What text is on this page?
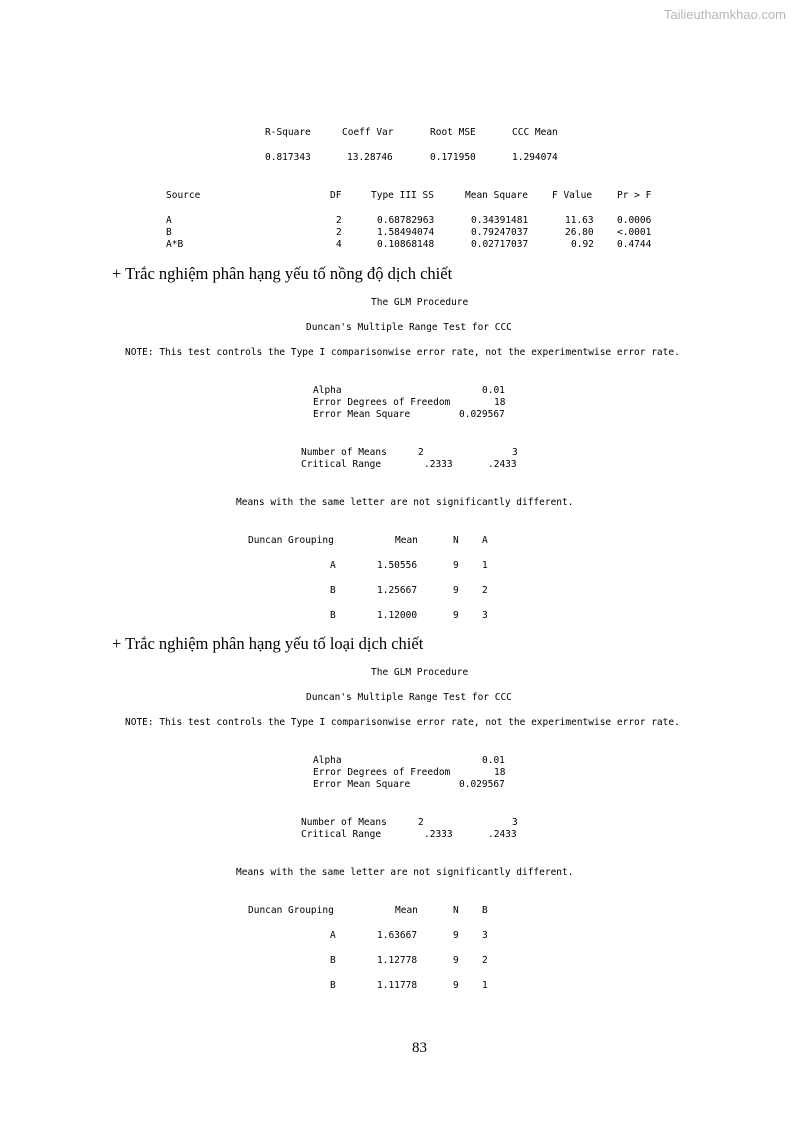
Tailieuthamkhao.com
R-Square	Coeff Var	Root MSE	CCC Mean
0.817343	13.28746	0.171950	1.294074
Source	DF	Type III SS	Mean Square	F Value	Pr > F
A	2	0.68782963	0.34391481	11.63 0.0006
B	2	1.58494074	0.79247037	26.80 <.0001
A*B	4	0.10868148	0.02717037	0.92 0.4744
+ Trắc nghiệm phân hạng yếu tố nồng độ dịch chiết
The GLM Procedure
Duncan's Multiple Range Test for CCC
NOTE: This test controls the Type I comparisonwise error rate, not the experimentwise error rate.
Alpha	0.01
Error Degrees of Freedom	18
Error Mean Square	0.029567
Number of Means	2	3
Critical Range	.2333	.2433
Means with the same letter are not significantly different.
Duncan Grouping	Mean	N A
A	1.50556	9 1
B	1.25667	9 2
B	1.12000	9 3
+ Trắc nghiệm phân hạng yếu tố loại dịch chiết
The GLM Procedure
Duncan's Multiple Range Test for CCC
NOTE: This test controls the Type I comparisonwise error rate, not the experimentwise error rate.
Alpha	0.01
Error Degrees of Freedom	18
Error Mean Square	0.029567
Number of Means	2	3
Critical Range	.2333	.2433
Means with the same letter are not significantly different.
Duncan Grouping	Mean	N B
A	1.63667	9 3
B	1.12778	9 2
B	1.11778	9 1
83
